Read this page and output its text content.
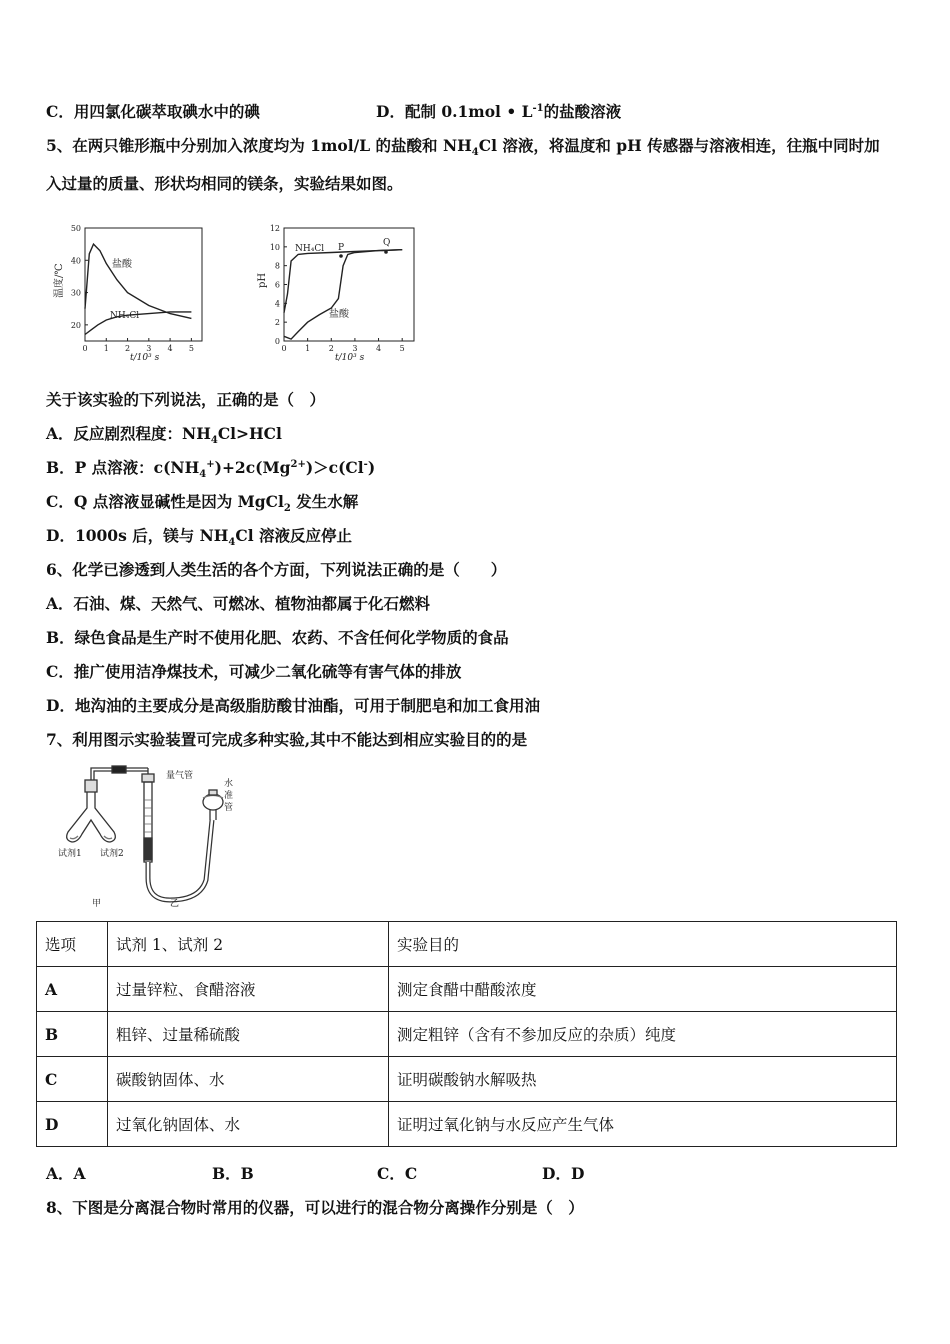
C．用四氯化碳萃取碘水中的碘	D．配制 0.1mol • $L^{-1}$的盐酸溶液
5、在两只锥形瓶中分别加入浓度均为 1mol/L 的盐酸和 $NH_4Cl$ 溶液，将温度和 pH 传感器与溶液相连，往瓶中同时加
入过量的质量、形状均相同的镁条，实验结果如图。
50
40
30
20
0 1 2 3 4 5
盐酸
NH₄Cl
t/10³ s
温度/℃
12
10
8
6
4
2
0
0 1 2 3 4 5
NH₄Cl P	Q
盐酸
t/10³ s
pH
关于该实验的下列说法，正确的是（　）
A．反应剧烈程度：$NH_4Cl>HCl$
B．P 点溶液：$c(NH_4^+)+2c(Mg^{2+})>c(Cl^-)$
C．Q 点溶液显碱性是因为 MgCl$_2$ 发生水解
D．1000s 后，镁与 $NH_4Cl$ 溶液反应停止
6、化学已渗透到人类生活的各个方面，下列说法正确的是（　　）
A．石油、煤、天然气、可燃冰、植物油都属于化石燃料
B．绿色食品是生产时不使用化肥、农药、不含任何化学物质的食品
C．推广使用洁净煤技术，可减少二氧化硫等有害气体的排放
D．地沟油的主要成分是高级脂肪酸甘油酯，可用于制肥皂和加工食用油
7、利用图示实验装置可完成多种实验,其中不能达到相应实验目的的是
量气管
水
准
管
试剂1 试剂2
甲	乙
选项	试剂 1、试剂 2	实验目的
A	过量锌粒、食醋溶液	测定食醋中醋酸浓度
B	粗锌、过量稀硫酸	测定粗锌（含有不参加反应的杂质）纯度
C	碳酸钠固体、水	证明碳酸钠水解吸热
D	过氧化钠固体、水	证明过氧化钠与水反应产生气体
A．A	B．B	C．C	D．D
8、下图是分离混合物时常用的仪器，可以进行的混合物分离操作分别是（　）
